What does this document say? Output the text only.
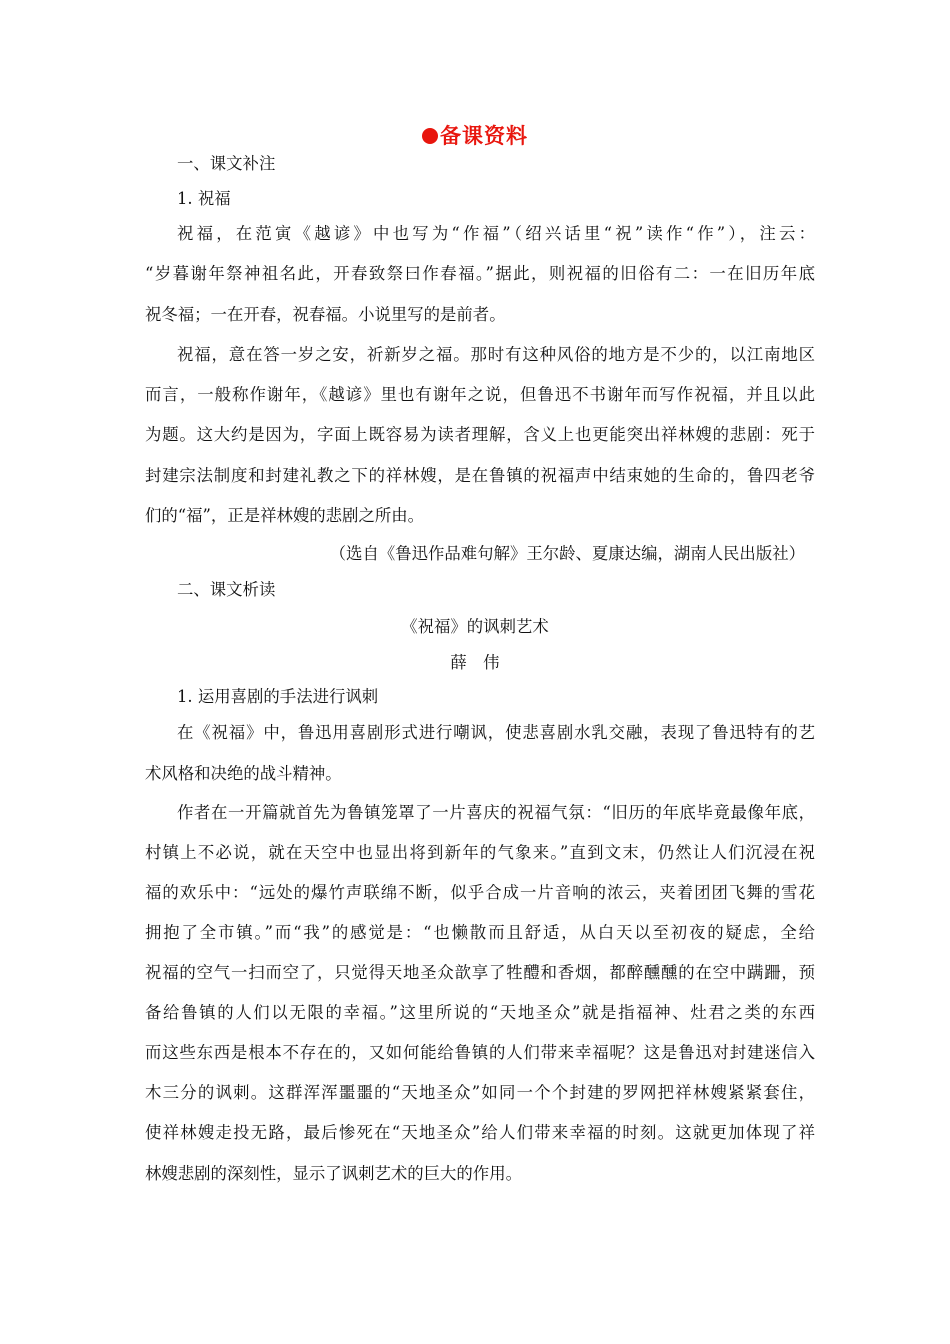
备课资料
一、课文补注
1. 祝福
祝福，在范寅《越谚》中也写为“作福”（绍兴话里“祝”读作“作”），注云：
“岁暮谢年祭神祖名此，开春致祭曰作春福。”据此，则祝福的旧俗有二：一在旧历年底
祝冬福；一在开春，祝春福。小说里写的是前者。
祝福，意在答一岁之安，祈新岁之福。那时有这种风俗的地方是不少的，以江南地区
而言，一般称作谢年，《越谚》里也有谢年之说，但鲁迅不书谢年而写作祝福，并且以此
为题。这大约是因为，字面上既容易为读者理解，含义上也更能突出祥林嫂的悲剧：死于
封建宗法制度和封建礼教之下的祥林嫂，是在鲁镇的祝福声中结束她的生命的，鲁四老爷
们的“福”，正是祥林嫂的悲剧之所由。
（选自《鲁迅作品难句解》王尔龄、夏康达编，湖南人民出版社）
二、课文析读
《祝福》的讽刺艺术
薛　伟
1. 运用喜剧的手法进行讽刺
在《祝福》中，鲁迅用喜剧形式进行嘲讽，使悲喜剧水乳交融，表现了鲁迅特有的艺
术风格和决绝的战斗精神。
作者在一开篇就首先为鲁镇笼罩了一片喜庆的祝福气氛：“旧历的年底毕竟最像年底，
村镇上不必说，就在天空中也显出将到新年的气象来。”直到文末，仍然让人们沉浸在祝
福的欢乐中：“远处的爆竹声联绵不断，似乎合成一片音响的浓云，夹着团团飞舞的雪花
拥抱了全市镇。”而“我”的感觉是：“也懒散而且舒适，从白天以至初夜的疑虑，全给
祝福的空气一扫而空了，只觉得天地圣众歆享了牲醴和香烟，都醉醺醺的在空中蹒跚，预
备给鲁镇的人们以无限的幸福。”这里所说的“天地圣众”就是指福神、灶君之类的东西
而这些东西是根本不存在的，又如何能给鲁镇的人们带来幸福呢？这是鲁迅对封建迷信入
木三分的讽刺。这群浑浑噩噩的“天地圣众”如同一个个封建的罗网把祥林嫂紧紧套住，
使祥林嫂走投无路，最后惨死在“天地圣众”给人们带来幸福的时刻。这就更加体现了祥
林嫂悲剧的深刻性，显示了讽刺艺术的巨大的作用。
